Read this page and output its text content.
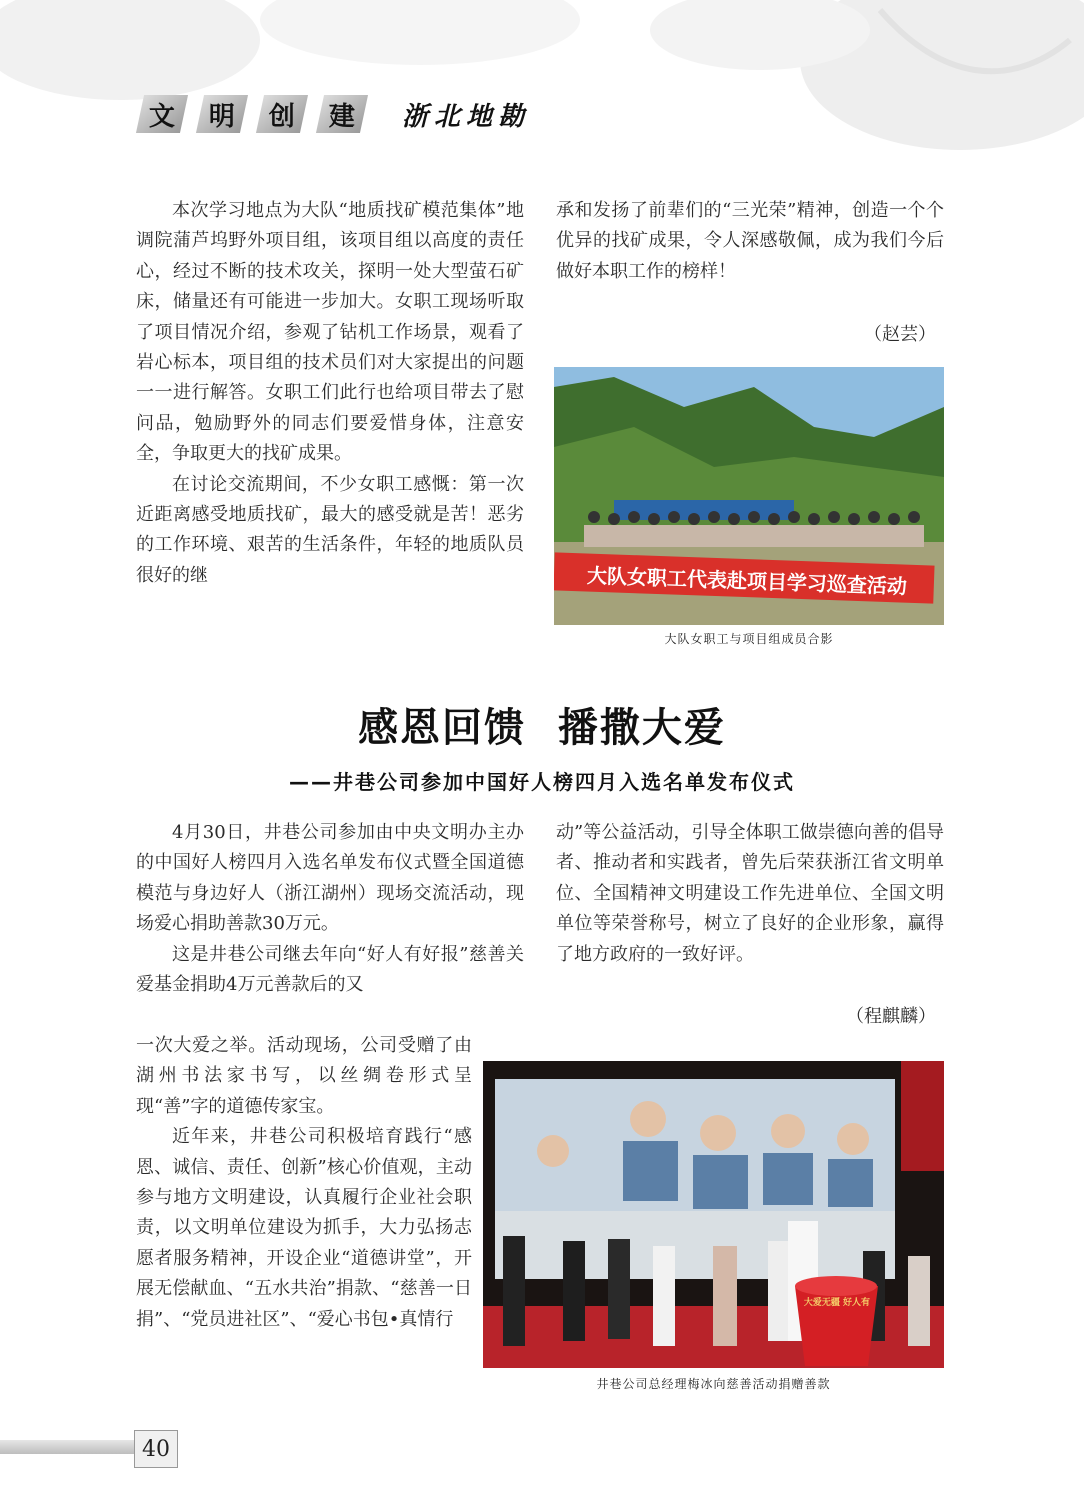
文 明 创 建 浙北地勘

本次学习地点为大队“地质找矿模范集体”地调院蒲芦坞野外项目组，该项目组以高度的责任心，经过不断的技术攻关，探明一处大型萤石矿床，储量还有可能进一步加大。女职工现场听取了项目情况介绍，参观了钻机工作场景，观看了岩心标本，项目组的技术员们对大家提出的问题一一进行解答。女职工们此行也给项目带去了慰问品，勉励野外的同志们要爱惜身体，注意安全，争取更大的找矿成果。

在讨论交流期间，不少女职工感慨：第一次近距离感受地质找矿，最大的感受就是苦！恶劣的工作环境、艰苦的生活条件，年轻的地质队员很好的继

承和发扬了前辈们的“三光荣”精神，创造一个个优异的找矿成果，令人深感敬佩，成为我们今后做好本职工作的榜样！

（赵芸）
大队女职工代表赴项目学习巡查活动
大队女职工与项目组成员合影
感恩回馈  播撒大爱
——井巷公司参加中国好人榜四月入选名单发布仪式

4月30日，井巷公司参加由中央文明办主办的中国好人榜四月入选名单发布仪式暨全国道德模范与身边好人（浙江湖州）现场交流活动，现场爱心捐助善款30万元。

这是井巷公司继去年向“好人有好报”慈善关爱基金捐助4万元善款后的又

一次大爱之举。活动现场，公司受赠了由湖州书法家书写，以丝绸卷形式呈现“善”字的道德传家宝。

近年来，井巷公司积极培育践行“感恩、诚信、责任、创新”核心价值观，主动参与地方文明建设，认真履行企业社会职责，以文明单位建设为抓手，大力弘扬志愿者服务精神，开设企业“道德讲堂”，开展无偿献血、“五水共治”捐款、“慈善一日捐”、“党员进社区”、“爱心书包•真情行

动”等公益活动，引导全体职工做崇德向善的倡导者、推动者和实践者，曾先后荣获浙江省文明单位、全国精神文明建设工作先进单位、全国文明单位等荣誉称号，树立了良好的企业形象，赢得了地方政府的一致好评。

（程麒麟）
大爱无疆 好人有
井巷公司总经理梅冰向慈善活动捐赠善款
40
